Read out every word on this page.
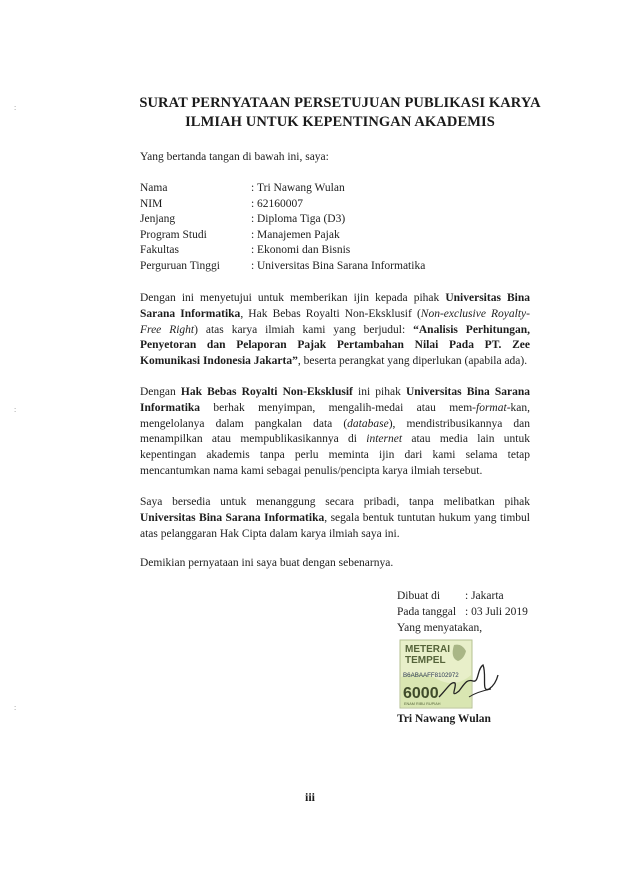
:
:
:
SURAT PERNYATAAN PERSETUJUAN PUBLIKASI KARYA
ILMIAH UNTUK KEPENTINGAN AKADEMIS
Yang bertanda tangan di bawah ini, saya:
Nama	: Tri Nawang Wulan
NIM	: 62160007
Jenjang	: Diploma Tiga (D3)
Program Studi	: Manajemen Pajak
Fakultas	: Ekonomi dan Bisnis
Perguruan Tinggi	: Universitas Bina Sarana Informatika
Dengan ini menyetujui untuk memberikan ijin kepada pihak Universitas Bina Sarana Informatika, Hak Bebas Royalti Non-Eksklusif (Non-exclusive Royalty-Free Right) atas karya ilmiah kami yang berjudul: “Analisis Perhitungan, Penyetoran dan Pelaporan Pajak Pertambahan Nilai Pada PT. Zee Komunikasi Indonesia Jakarta”, beserta perangkat yang diperlukan (apabila ada).
Dengan Hak Bebas Royalti Non-Eksklusif ini pihak Universitas Bina Sarana Informatika berhak menyimpan, mengalih-medai atau mem-format-kan, mengelolanya dalam pangkalan data (database), mendistribusikannya dan menampilkan atau mempublikasikannya di internet atau media lain untuk kepentingan akademis tanpa perlu meminta ijin dari kami selama tetap mencantumkan nama kami sebagai penulis/pencipta karya ilmiah tersebut.
Saya bersedia untuk menanggung secara pribadi, tanpa melibatkan pihak Universitas Bina Sarana Informatika, segala bentuk tuntutan hukum yang timbul atas pelanggaran Hak Cipta dalam karya ilmiah saya ini.
Demikian pernyataan ini saya buat dengan sebenarnya.
Dibuat di	: Jakarta
Pada tanggal : 03 Juli 2019
Yang menyatakan,
METERAI
TEMPEL
B6ABAAFF8102972
6000
ENAM RIBU RUPIAH
Tri Nawang Wulan
iii
